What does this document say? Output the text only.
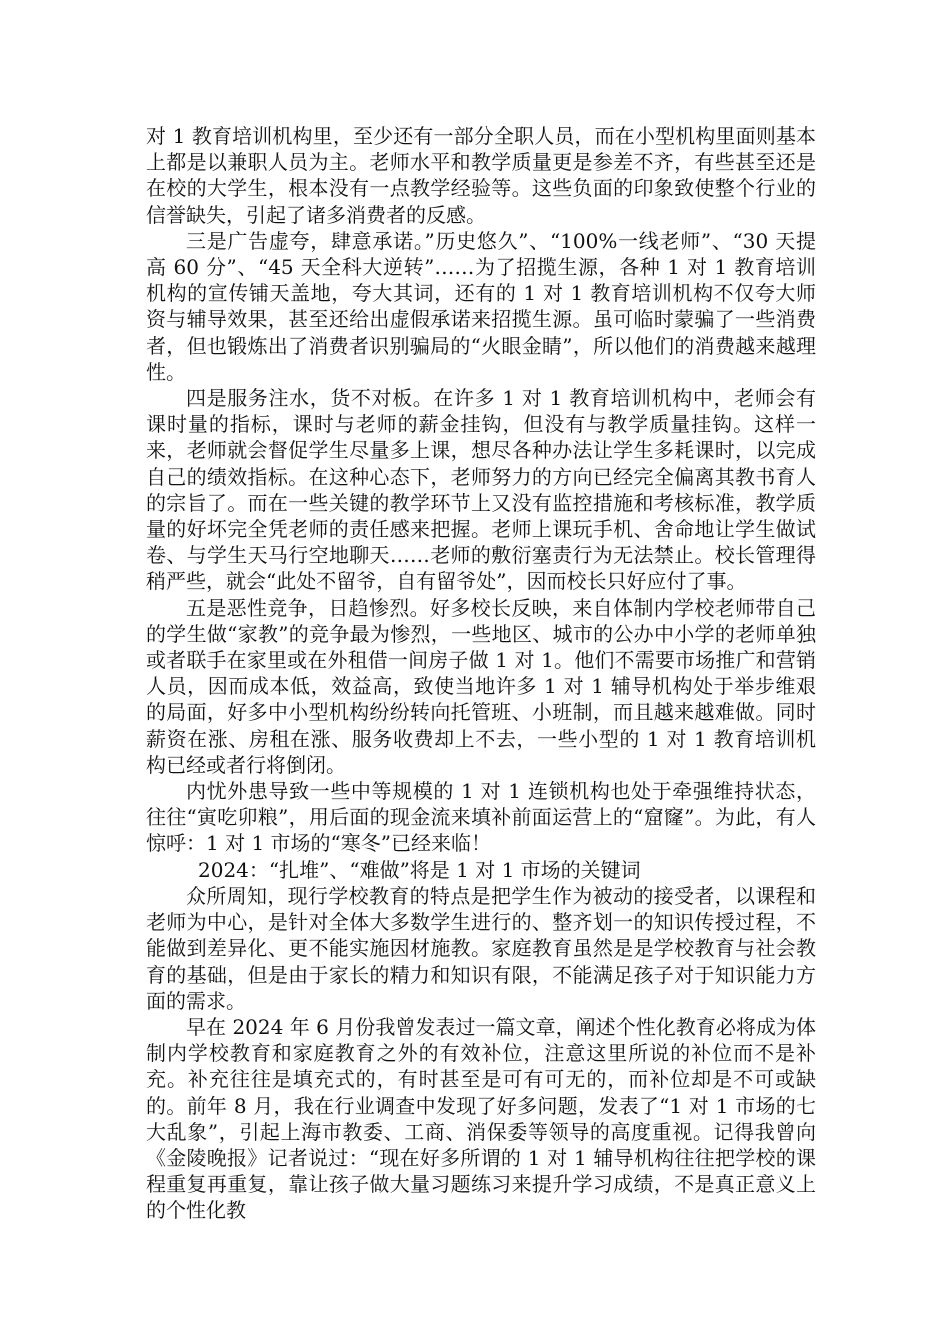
对 1 教育培训机构里，至少还有一部分全职人员，而在小型机构里面则基本上都是以兼职人员为主。老师水平和教学质量更是参差不齐，有些甚至还是在校的大学生，根本没有一点教学经验等。这些负面的印象致使整个行业的信誉缺失，引起了诸多消费者的反感。

三是广告虚夸，肆意承诺。”历史悠久”、“100%一线老师”、“30 天提高 60 分”、“45 天全科大逆转”……为了招揽生源，各种 1 对 1 教育培训机构的宣传铺天盖地，夸大其词，还有的 1 对 1 教育培训机构不仅夸大师资与辅导效果，甚至还给出虚假承诺来招揽生源。虽可临时蒙骗了一些消费者，但也锻炼出了消费者识别骗局的“火眼金睛”，所以他们的消费越来越理性。

四是服务注水，货不对板。在许多 1 对 1 教育培训机构中，老师会有课时量的指标，课时与老师的薪金挂钩，但没有与教学质量挂钩。这样一来，老师就会督促学生尽量多上课，想尽各种办法让学生多耗课时，以完成自己的绩效指标。在这种心态下，老师努力的方向已经完全偏离其教书育人的宗旨了。而在一些关键的教学环节上又没有监控措施和考核标准，教学质量的好坏完全凭老师的责任感来把握。老师上课玩手机、舍命地让学生做试卷、与学生天马行空地聊天……老师的敷衍塞责行为无法禁止。校长管理得稍严些，就会“此处不留爷，自有留爷处”，因而校长只好应付了事。

五是恶性竞争，日趋惨烈。好多校长反映，来自体制内学校老师带自己的学生做“家教”的竞争最为惨烈，一些地区、城市的公办中小学的老师单独或者联手在家里或在外租借一间房子做 1 对 1。他们不需要市场推广和营销人员，因而成本低，效益高，致使当地许多 1 对 1 辅导机构处于举步维艰的局面，好多中小型机构纷纷转向托管班、小班制，而且越来越难做。同时薪资在涨、房租在涨、服务收费却上不去，一些小型的 1 对 1 教育培训机构已经或者行将倒闭。

内忧外患导致一些中等规模的 1 对 1 连锁机构也处于牵强维持状态，往往“寅吃卯粮”，用后面的现金流来填补前面运营上的“窟窿”。为此，有人惊呼：1 对 1 市场的“寒冬”已经来临！

2024：“扎堆”、“难做”将是 1 对 1 市场的关键词

众所周知，现行学校教育的特点是把学生作为被动的接受者，以课程和老师为中心，是针对全体大多数学生进行的、整齐划一的知识传授过程，不能做到差异化、更不能实施因材施教。家庭教育虽然是是学校教育与社会教育的基础，但是由于家长的精力和知识有限，不能满足孩子对于知识能力方面的需求。

早在 2024 年 6 月份我曾发表过一篇文章，阐述个性化教育必将成为体制内学校教育和家庭教育之外的有效补位，注意这里所说的补位而不是补充。补充往往是填充式的，有时甚至是可有可无的，而补位却是不可或缺的。前年 8 月，我在行业调查中发现了好多问题，发表了“1 对 1 市场的七大乱象”，引起上海市教委、工商、消保委等领导的高度重视。记得我曾向《金陵晚报》记者说过：“现在好多所谓的 1 对 1 辅导机构往往把学校的课程重复再重复，靠让孩子做大量习题练习来提升学习成绩，不是真正意义上的个性化教
